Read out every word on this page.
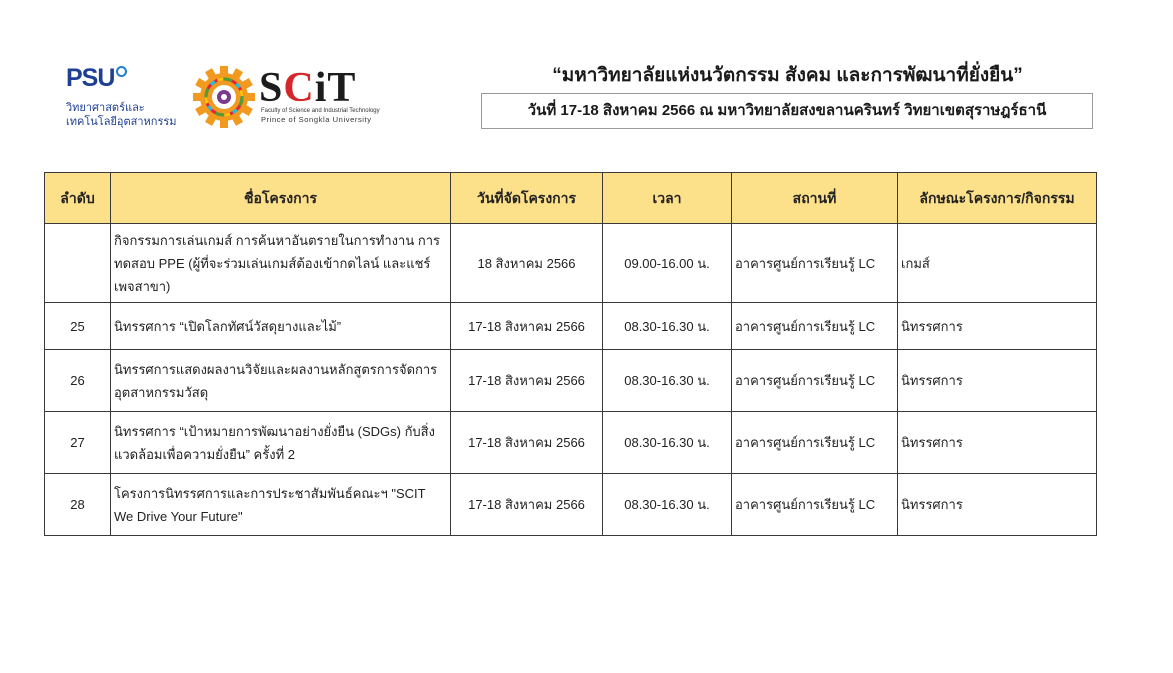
PSU
วิทยาศาสตร์และ
เทคโนโลยีอุตสาหกรรม
SCiT
Faculty of Science and Industrial Technology
Prince of Songkla University
“มหาวิทยาลัยแห่งนวัตกรรม สังคม และการพัฒนาที่ยั่งยืน”
วันที่ 17-18 สิงหาคม 2566 ณ มหาวิทยาลัยสงขลานครินทร์ วิทยาเขตสุราษฎร์ธานี
ลำดับ	ชื่อโครงการ	วันที่จัดโครงการ	เวลา	สถานที่	ลักษณะโครงการ/กิจกรรม
	กิจกรรมการเล่นเกมส์ การค้นหาอันตรายในการทำงาน การทดสอบ PPE (ผู้ที่จะร่วมเล่นเกมส์ต้องเข้ากดไลน์ และแชร์เพจสาขา)	18 สิงหาคม 2566	09.00-16.00 น.	อาคารศูนย์การเรียนรู้ LC	เกมส์
25	นิทรรศการ “เปิดโลกทัศน์วัสดุยางและไม้”	17-18 สิงหาคม 2566	08.30-16.30 น.	อาคารศูนย์การเรียนรู้ LC	นิทรรศการ
26	นิทรรศการแสดงผลงานวิจัยและผลงานหลักสูตรการจัดการอุตสาหกรรมวัสดุ	17-18 สิงหาคม 2566	08.30-16.30 น.	อาคารศูนย์การเรียนรู้ LC	นิทรรศการ
27	นิทรรศการ “เป้าหมายการพัฒนาอย่างยั่งยืน (SDGs) กับสิ่งแวดล้อมเพื่อความยั่งยืน” ครั้งที่ 2	17-18 สิงหาคม 2566	08.30-16.30 น.	อาคารศูนย์การเรียนรู้ LC	นิทรรศการ
28	โครงการนิทรรศการและการประชาสัมพันธ์คณะฯ "SCIT We Drive Your Future"	17-18 สิงหาคม 2566	08.30-16.30 น.	อาคารศูนย์การเรียนรู้ LC	นิทรรศการ
